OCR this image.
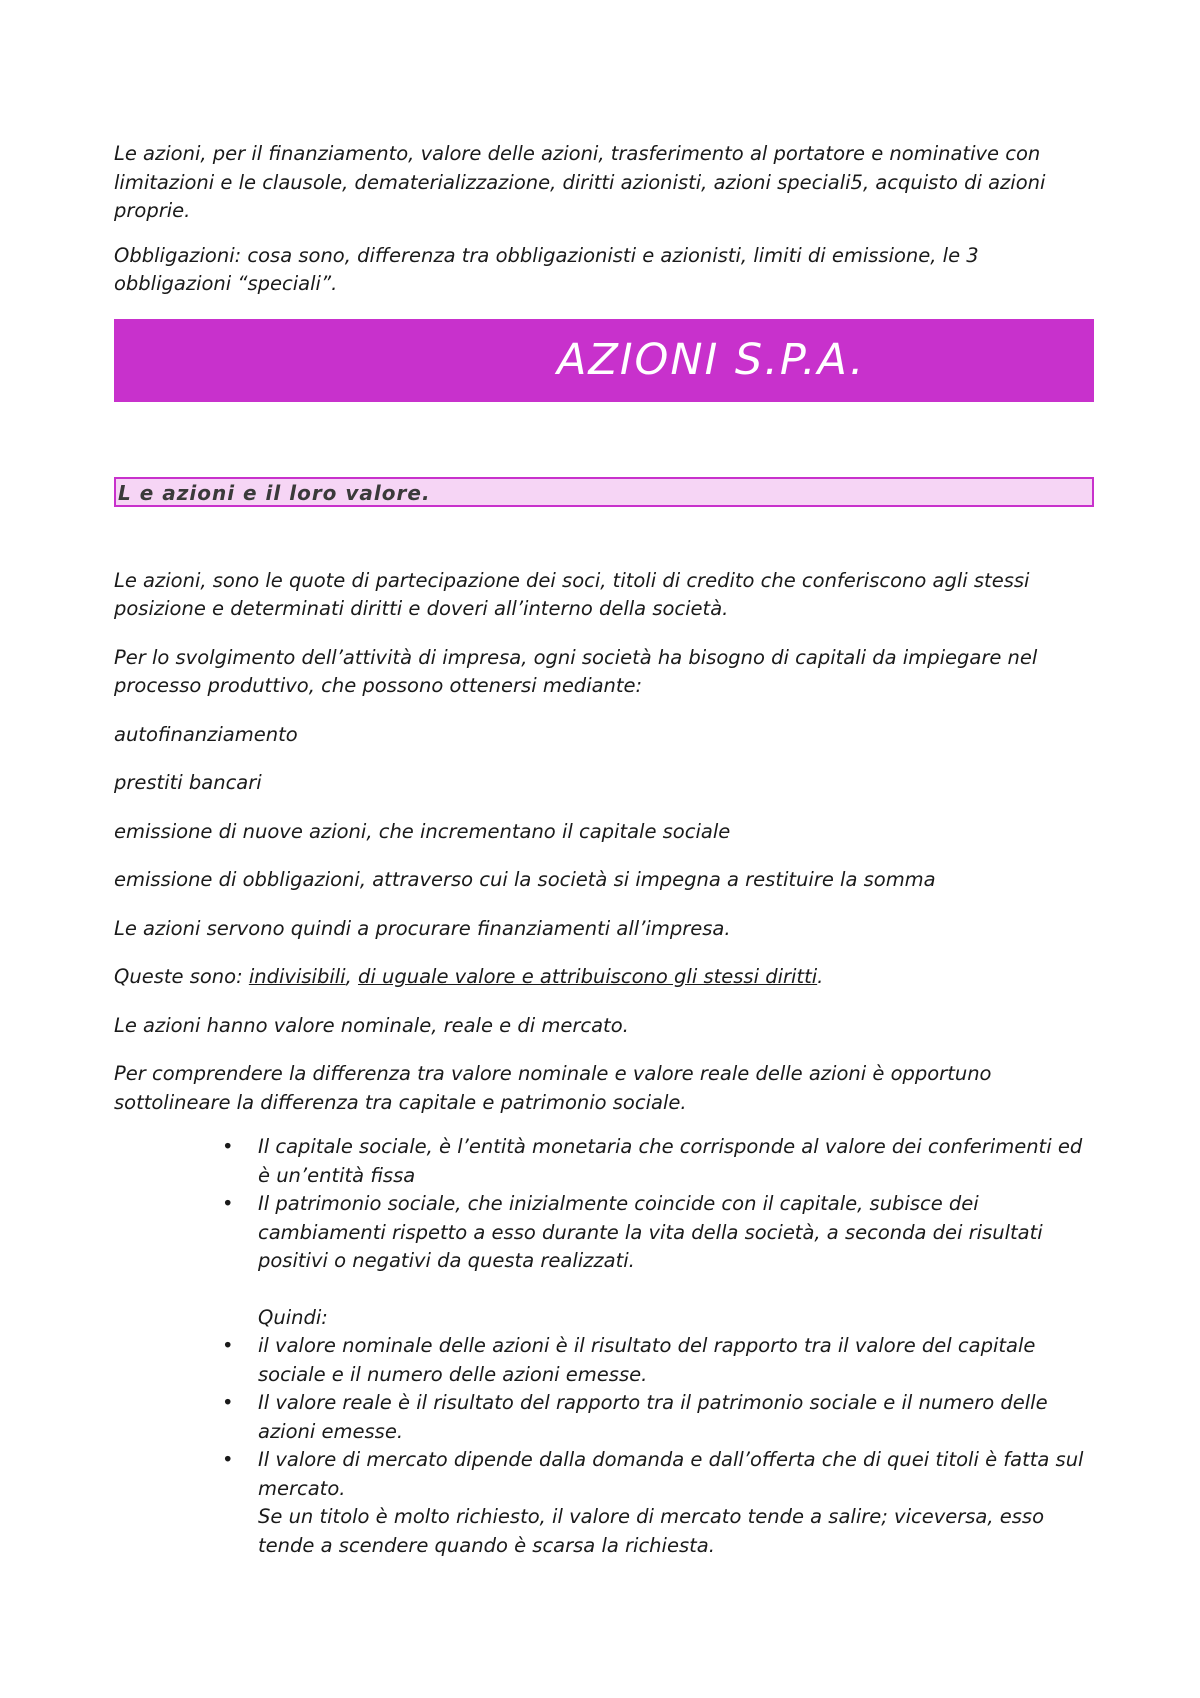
Le azioni, per il finanziamento, valore delle azioni, trasferimento al portatore e nominative con limitazioni e le clausole, dematerializzazione, diritti azionisti, azioni speciali5, acquisto di azioni proprie.

Obbligazioni: cosa sono, differenza tra obbligazionisti e azionisti, limiti di emissione, le 3 obbligazioni “speciali”.

AZIONI S.P.A.
L e azioni e il loro valore.

Le azioni, sono le quote di partecipazione dei soci, titoli di credito che conferiscono agli stessi posizione e determinati diritti e doveri all’interno della società.

Per lo svolgimento dell’attività di impresa, ogni società ha bisogno di capitali da impiegare nel processo produttivo, che possono ottenersi mediante:

autofinanziamento

prestiti bancari

emissione di nuove azioni, che incrementano il capitale sociale

emissione di obbligazioni, attraverso cui la società si impegna a restituire la somma

Le azioni servono quindi a procurare finanziamenti all’impresa.

Queste sono: indivisibili, di uguale valore e attribuiscono gli stessi diritti.

Le azioni hanno valore nominale, reale e di mercato.

Per comprendere la differenza tra valore nominale e valore reale delle azioni è opportuno sottolineare la differenza tra capitale e patrimonio sociale.

• Il capitale sociale, è l’entità monetaria che corrisponde al valore dei conferimenti ed è un’entità fissa
• Il patrimonio sociale, che inizialmente coincide con il capitale, subisce dei cambiamenti rispetto a esso durante la vita della società, a seconda dei risultati positivi o negativi da questa realizzati.
Quindi:
• il valore nominale delle azioni è il risultato del rapporto tra il valore del capitale sociale e il numero delle azioni emesse.
• Il valore reale è il risultato del rapporto tra il patrimonio sociale e il numero delle azioni emesse.
• Il valore di mercato dipende dalla domanda e dall’offerta che di quei titoli è fatta sul mercato.
Se un titolo è molto richiesto, il valore di mercato tende a salire; viceversa, esso tende a scendere quando è scarsa la richiesta.
